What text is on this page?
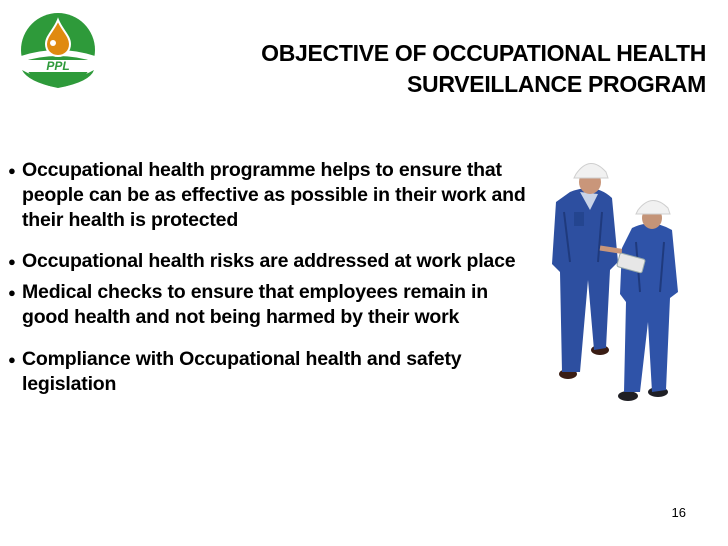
PPL	OBJECTIVE OF OCCUPATIONAL HEALTH
SURVEILLANCE PROGRAM
● Occupational health programme helps to ensure that people can be as effective as possible in their work and their health is protected
● Occupational health risks are addressed at work place
● Medical checks to ensure that employees remain in good health and not being harmed by their work
● Compliance with Occupational health and safety legislation
16
